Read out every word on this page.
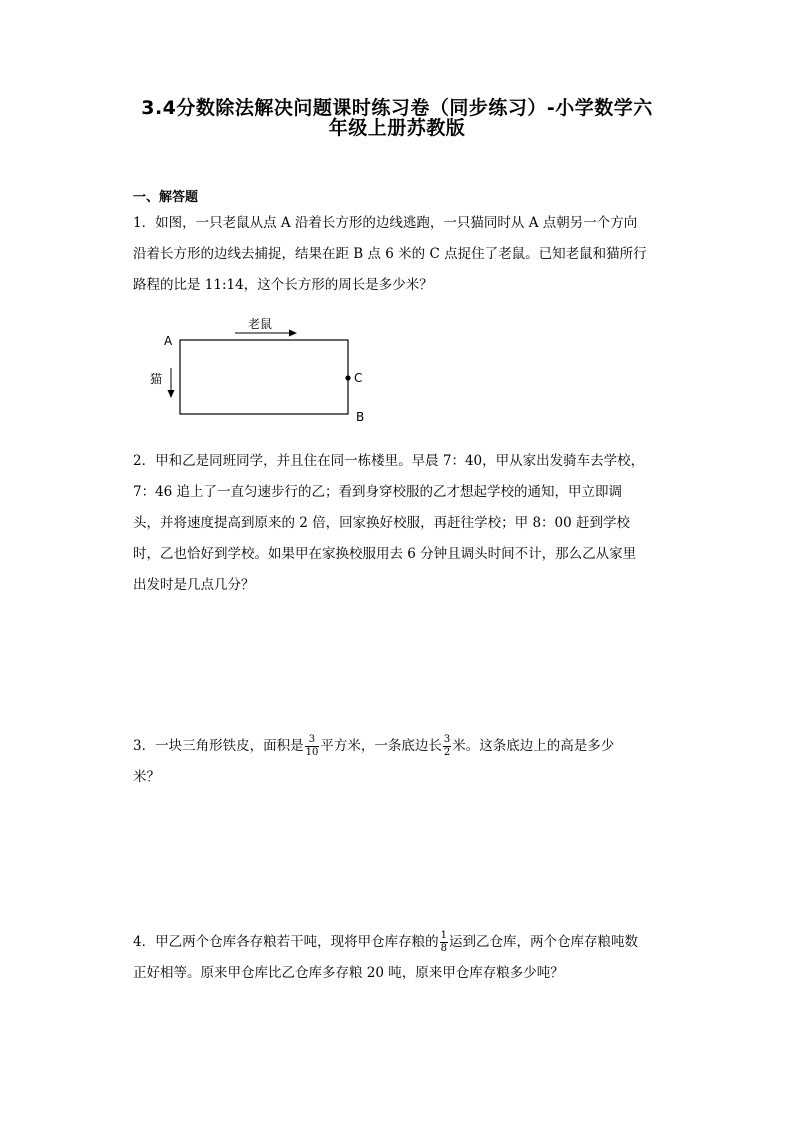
3.4分数除法解决问题课时练习卷（同步练习）-小学数学六
年级上册苏教版
一、解答题
1．如图，一只老鼠从点 A 沿着长方形的边线逃跑，一只猫同时从 A 点朝另一个方向
沿着长方形的边线去捕捉，结果在距 B 点 6 米的 C 点捉住了老鼠。已知老鼠和猫所行
路程的比是 11:14，这个长方形的周长是多少米？
老鼠
猫
A
B
C
2．甲和乙是同班同学，并且住在同一栋楼里。早晨 7：40，甲从家出发骑车去学校，
7：46 追上了一直匀速步行的乙；看到身穿校服的乙才想起学校的通知，甲立即调
头，并将速度提高到原来的 2 倍，回家换好校服，再赶往学校；甲 8：00 赶到学校
时，乙也恰好到学校。如果甲在家换校服用去 6 分钟且调头时间不计，那么乙从家里
出发时是几点几分？
3．一块三角形铁皮，面积是 $\frac{3}{10}$ 平方米，一条底边长 $\frac{3}{2}$ 米。这条底边上的高是多少
米？
4．甲乙两个仓库各存粮若干吨，现将甲仓库存粮的 $\frac{1}{8}$ 运到乙仓库，两个仓库存粮吨数
正好相等。原来甲仓库比乙仓库多存粮 20 吨，原来甲仓库存粮多少吨？
